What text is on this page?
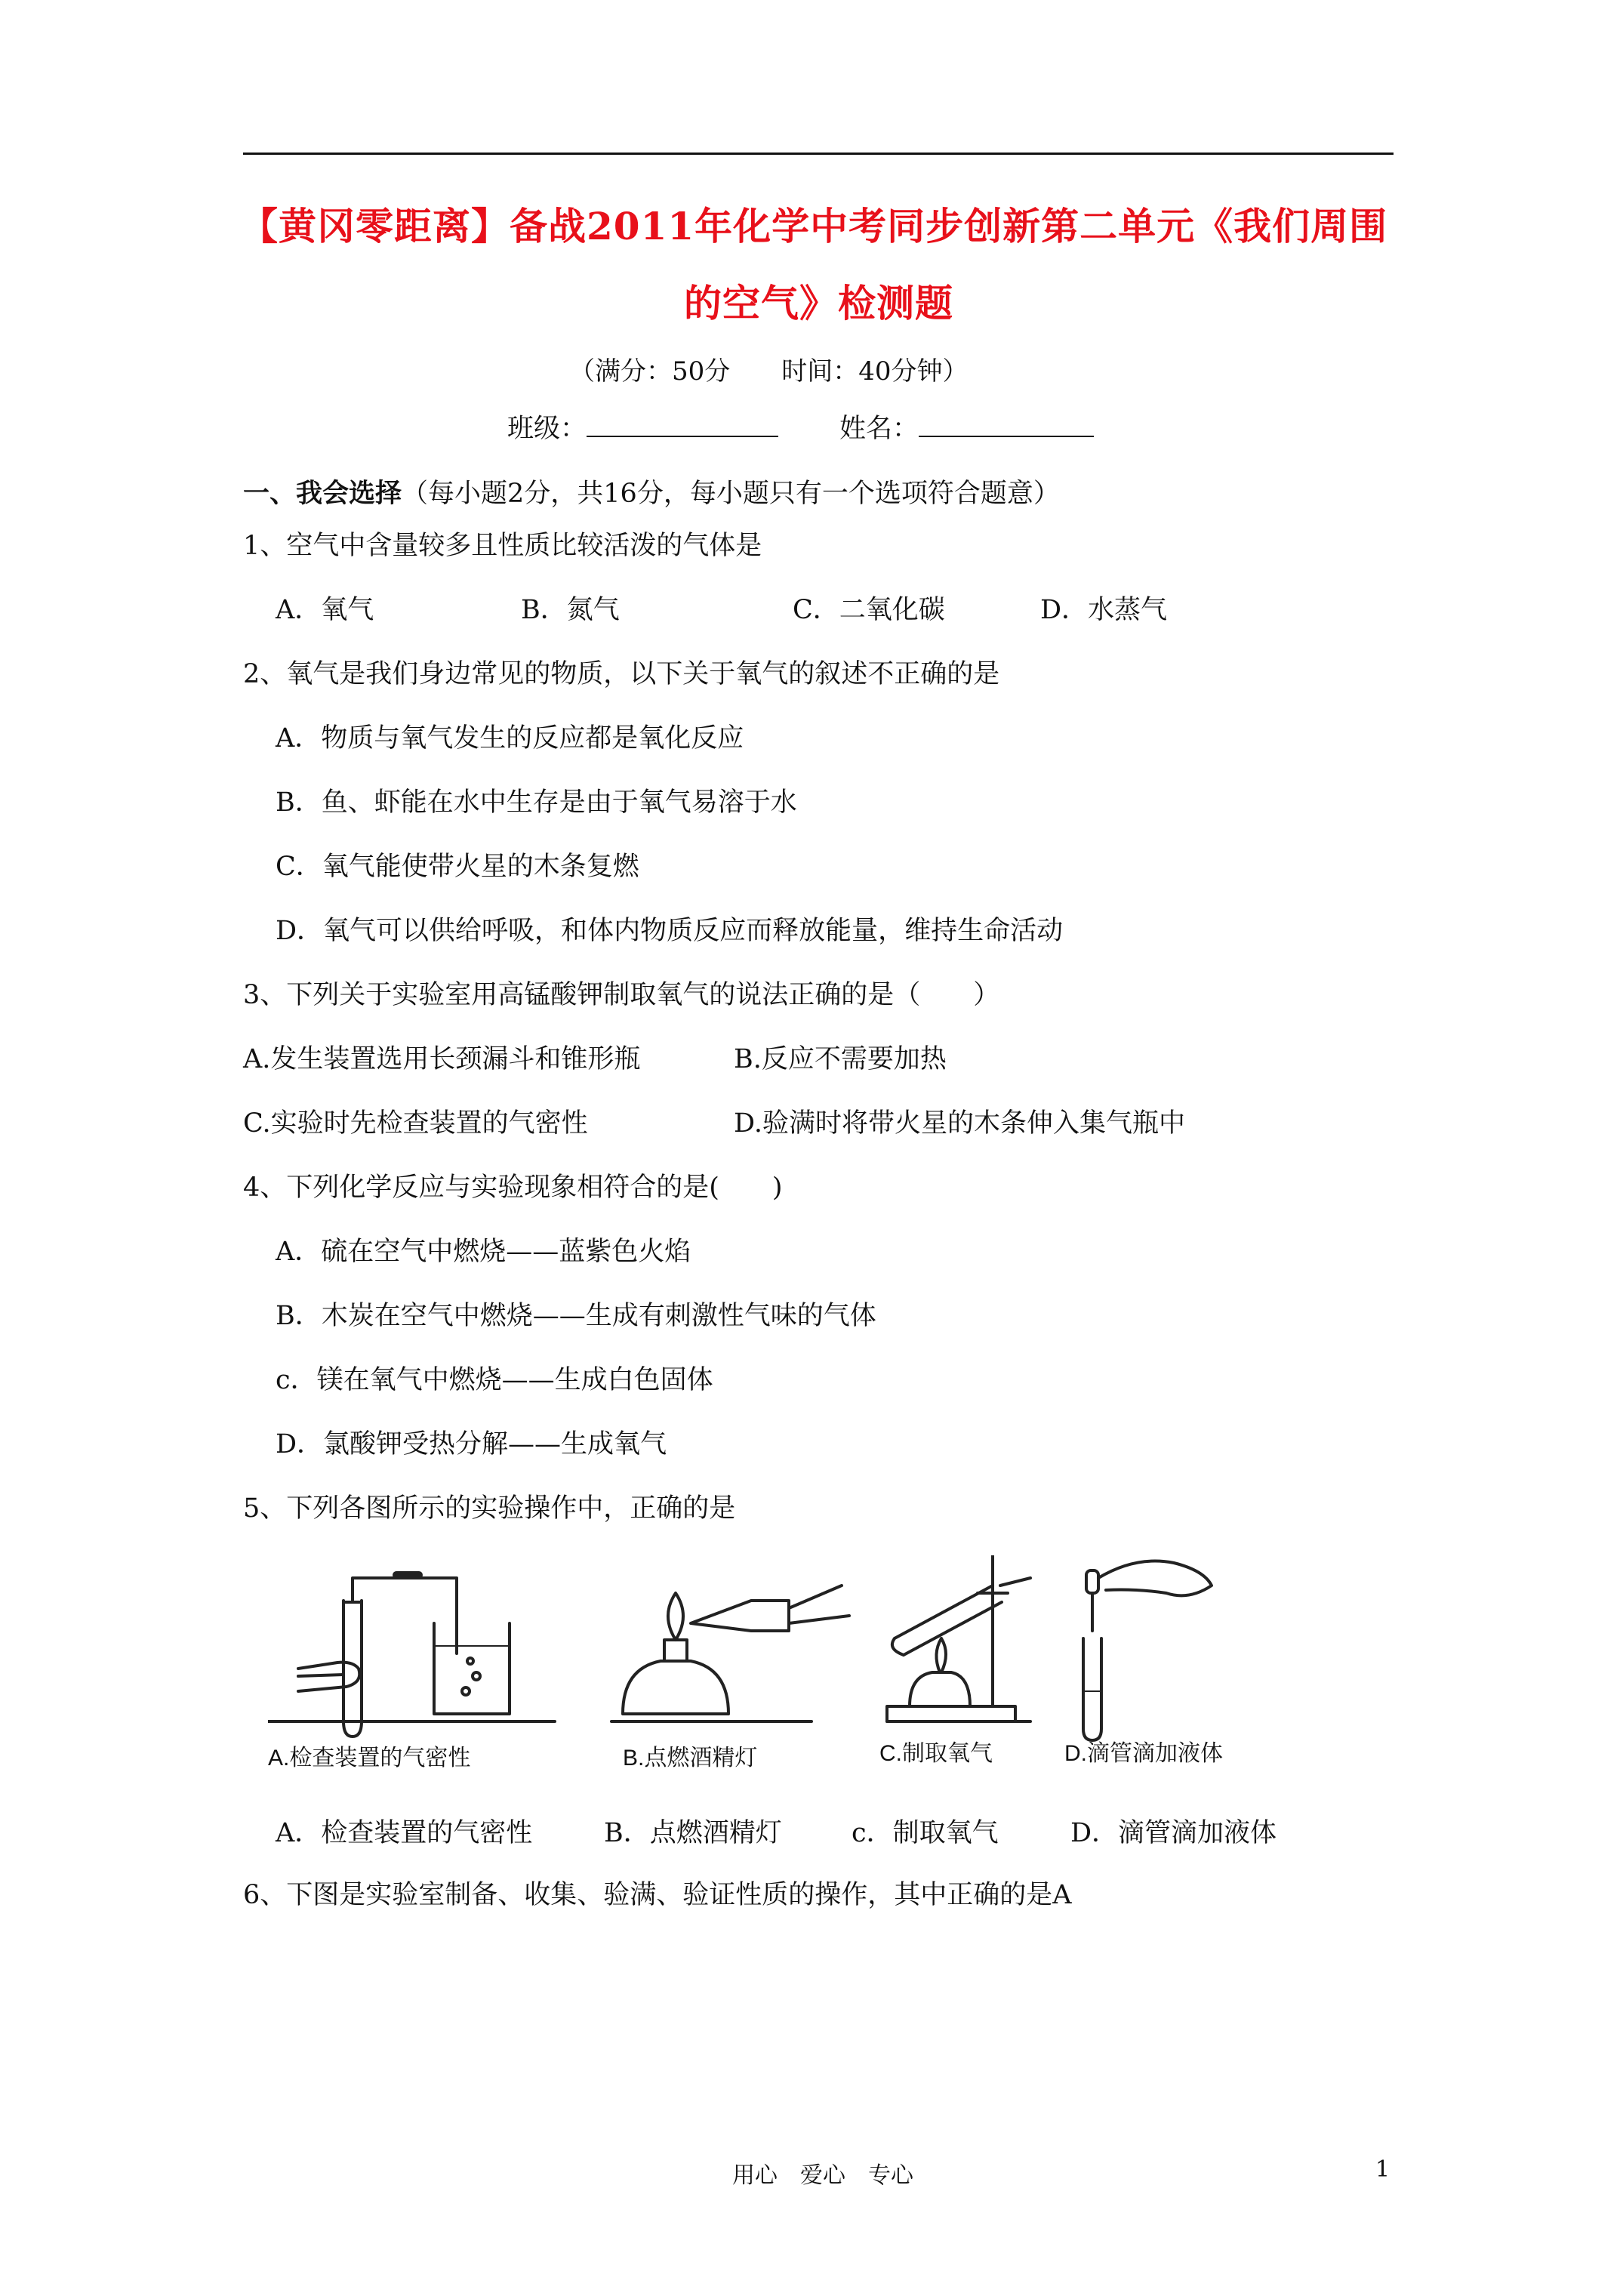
【黄冈零距离】备战2011年化学中考同步创新第二单元《我们周围
的空气》检测题
（满分：50分　　时间：40分钟）
班级：	姓名：
一、我会选择（每小题2分，共16分，每小题只有一个选项符合题意）
1、空气中含量较多且性质比较活泼的气体是
A．氧气	B．氮气	C．二氧化碳	D．水蒸气
2、氧气是我们身边常见的物质，以下关于氧气的叙述不正确的是
A．物质与氧气发生的反应都是氧化反应
B．鱼、虾能在水中生存是由于氧气易溶于水
C．氧气能使带火星的木条复燃
D．氧气可以供给呼吸，和体内物质反应而释放能量，维持生命活动
3、下列关于实验室用高锰酸钾制取氧气的说法正确的是（　　）
A.发生装置选用长颈漏斗和锥形瓶	B.反应不需要加热
C.实验时先检查装置的气密性	D.验满时将带火星的木条伸入集气瓶中
4、下列化学反应与实验现象相符合的是(　　)
A．硫在空气中燃烧——蓝紫色火焰
B．木炭在空气中燃烧——生成有刺激性气味的气体
c．镁在氧气中燃烧——生成白色固体
D．氯酸钾受热分解——生成氧气
5、下列各图所示的实验操作中，正确的是
A.检查装置的气密性	B.点燃酒精灯	C.制取氧气	D.滴管滴加液体
A．检查装置的气密性	B．点燃酒精灯	c．制取氧气	D．滴管滴加液体
6、下图是实验室制备、收集、验满、验证性质的操作，其中正确的是A
用心　爱心　专心	1
